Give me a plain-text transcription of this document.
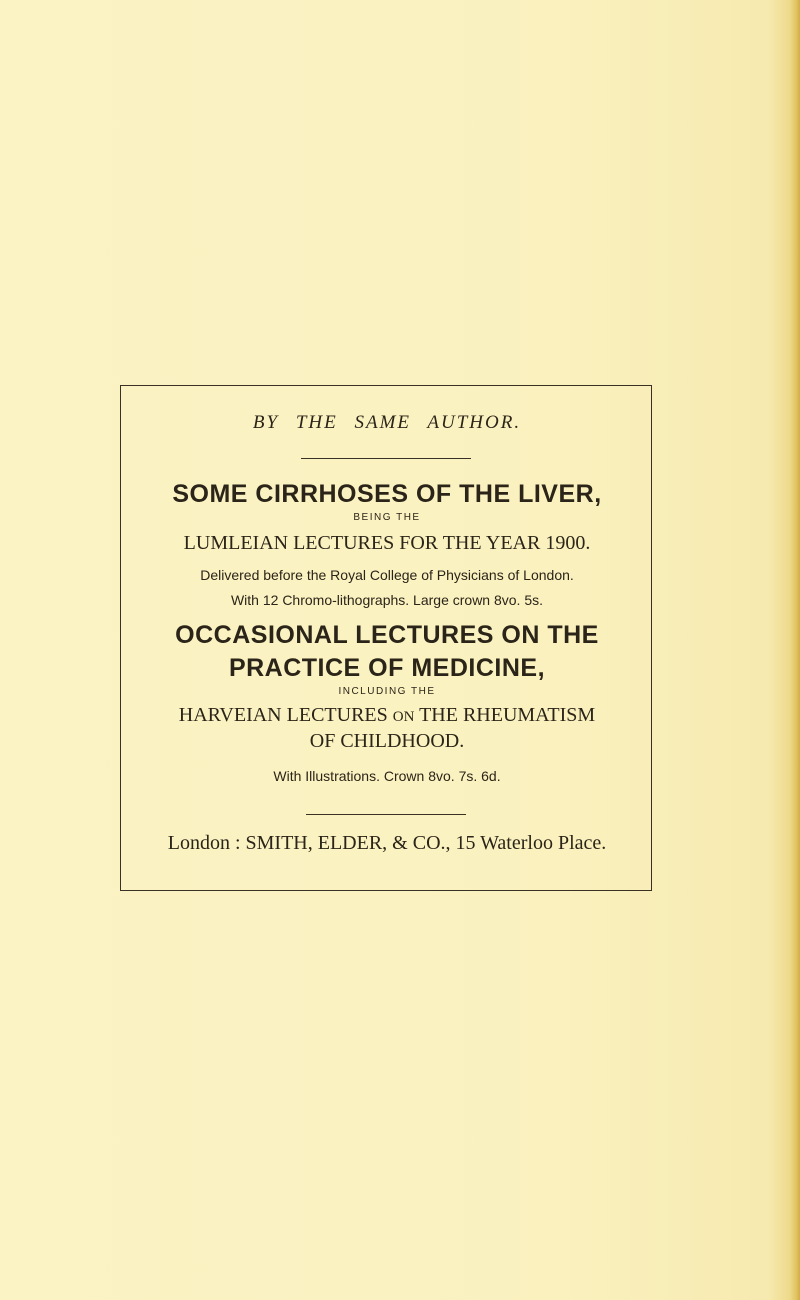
BY THE SAME AUTHOR.
SOME CIRRHOSES OF THE LIVER,
BEING THE
LUMLEIAN LECTURES FOR THE YEAR 1900.
Delivered before the Royal College of Physicians of London.
With 12 Chromo-lithographs. Large crown 8vo. 5s.
OCCASIONAL LECTURES ON THE
PRACTICE OF MEDICINE,
INCLUDING THE
HARVEIAN LECTURES ON THE RHEUMATISM
OF CHILDHOOD.
With Illustrations. Crown 8vo. 7s. 6d.
London : SMITH, ELDER, & CO., 15 Waterloo Place.
